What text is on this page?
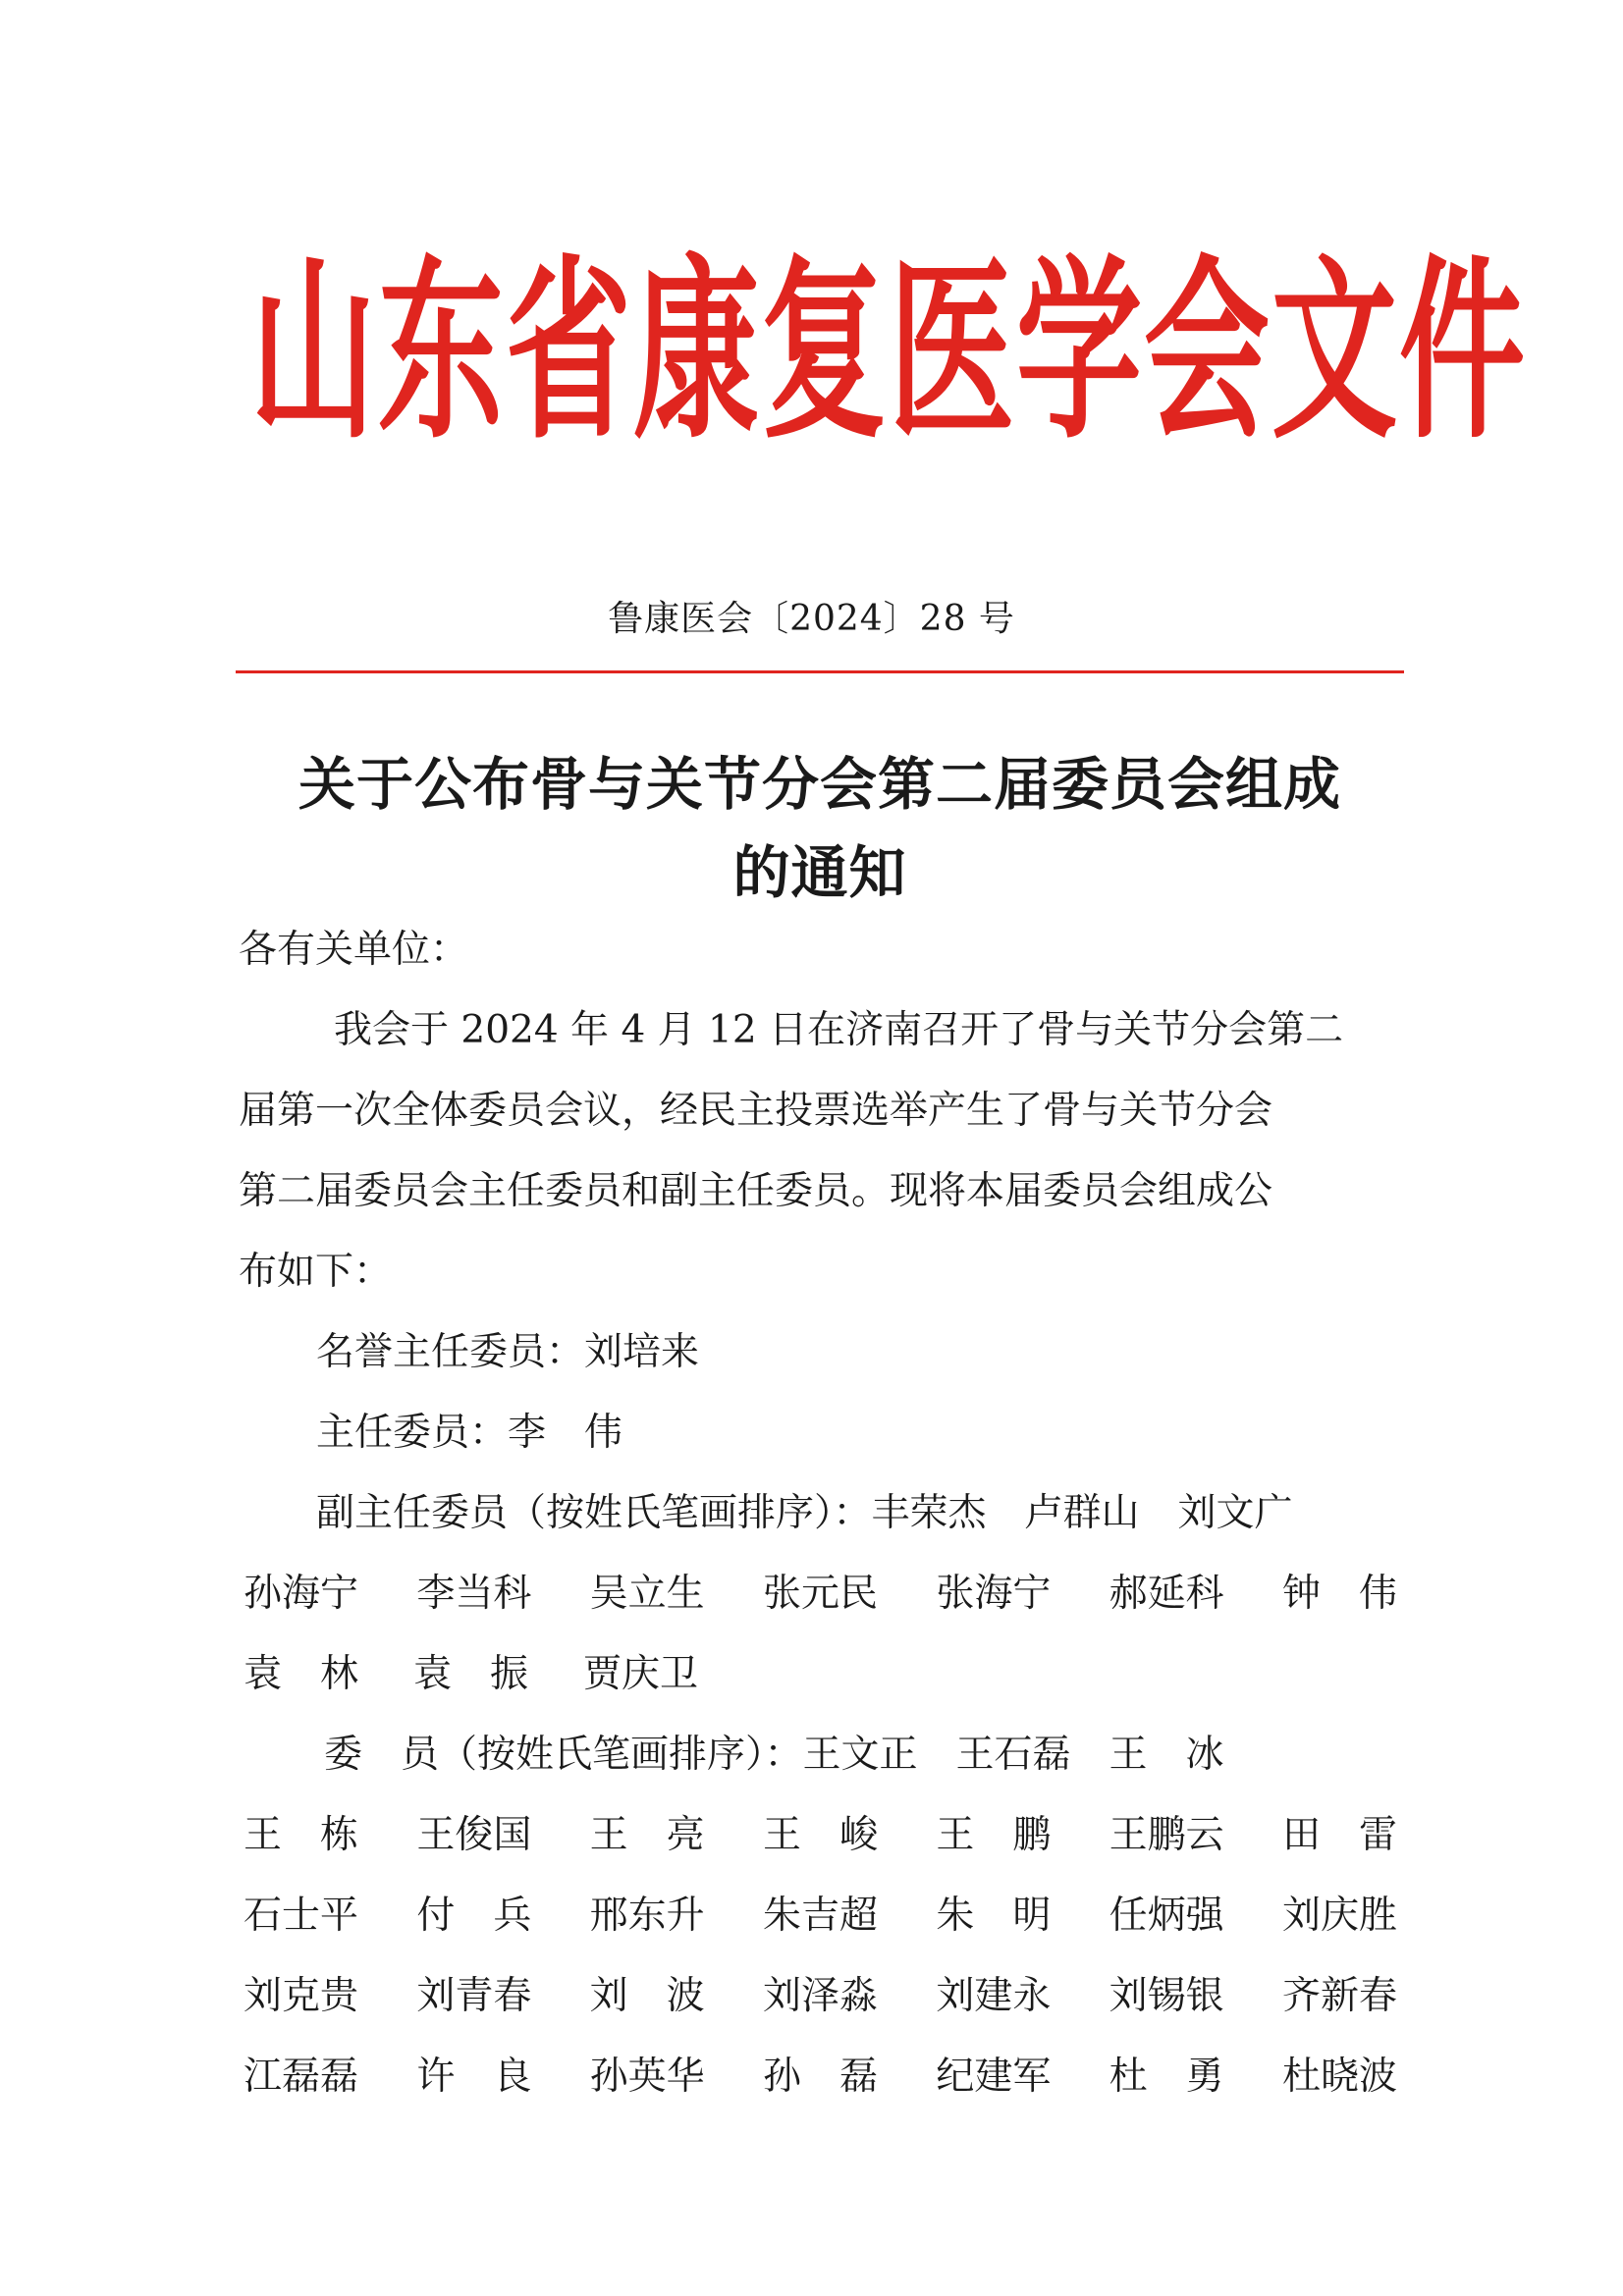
山东省康复医学会文件
鲁康医会〔2024〕28 号
关于公布骨与关节分会第二届委员会组成
的通知
各有关单位：
我会于 2024 年 4 月 12 日在济南召开了骨与关节分会第二
届第一次全体委员会议，经民主投票选举产生了骨与关节分会
第二届委员会主任委员和副主任委员。现将本届委员会组成公
布如下：
名誉主任委员：刘培来
主任委员：李　伟
副主任委员（按姓氏笔画排序）：丰荣杰　卢群山　刘文广
孙海宁 李当科 吴立生 张元民 张海宁 郝延科 钟　伟
袁　林 袁　振 贾庆卫
委　员（按姓氏笔画排序）：王文正　王石磊　王　冰
王　栋 王俊国 王　亮 王　峻 王　鹏 王鹏云 田　雷
石士平 付　兵 邢东升 朱吉超 朱　明 任炳强 刘庆胜
刘克贵 刘青春 刘　波 刘泽淼 刘建永 刘锡银 齐新春
江磊磊 许　良 孙英华 孙　磊 纪建军 杜　勇 杜晓波
